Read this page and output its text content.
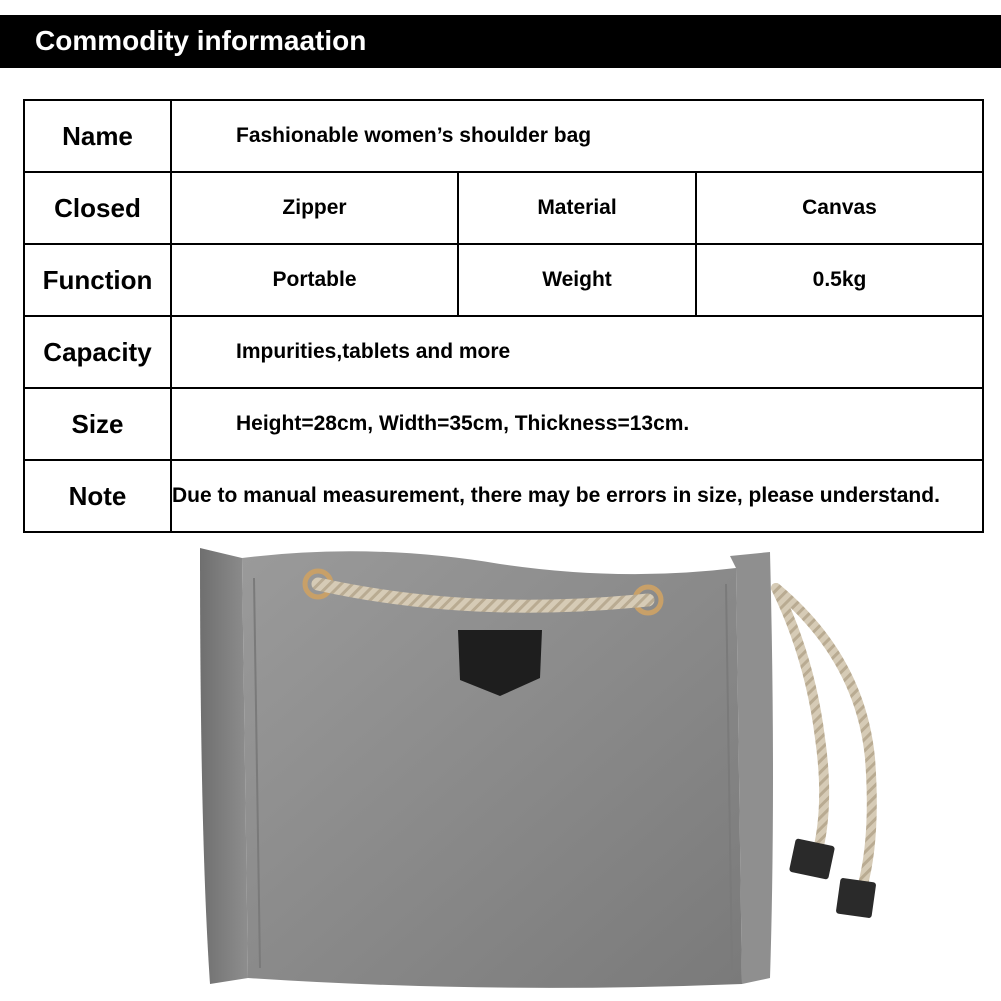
Commodity informaation
Name	Fashionable women’s shoulder bag		
Closed	Zipper	Material	Canvas
Function	Portable	Weight	0.5kg
Capacity	Impurities,tablets and more		
Size	Height=28cm, Width=35cm, Thickness=13cm.		
Note	Due to manual measurement, there may be errors in size, please understand.		
